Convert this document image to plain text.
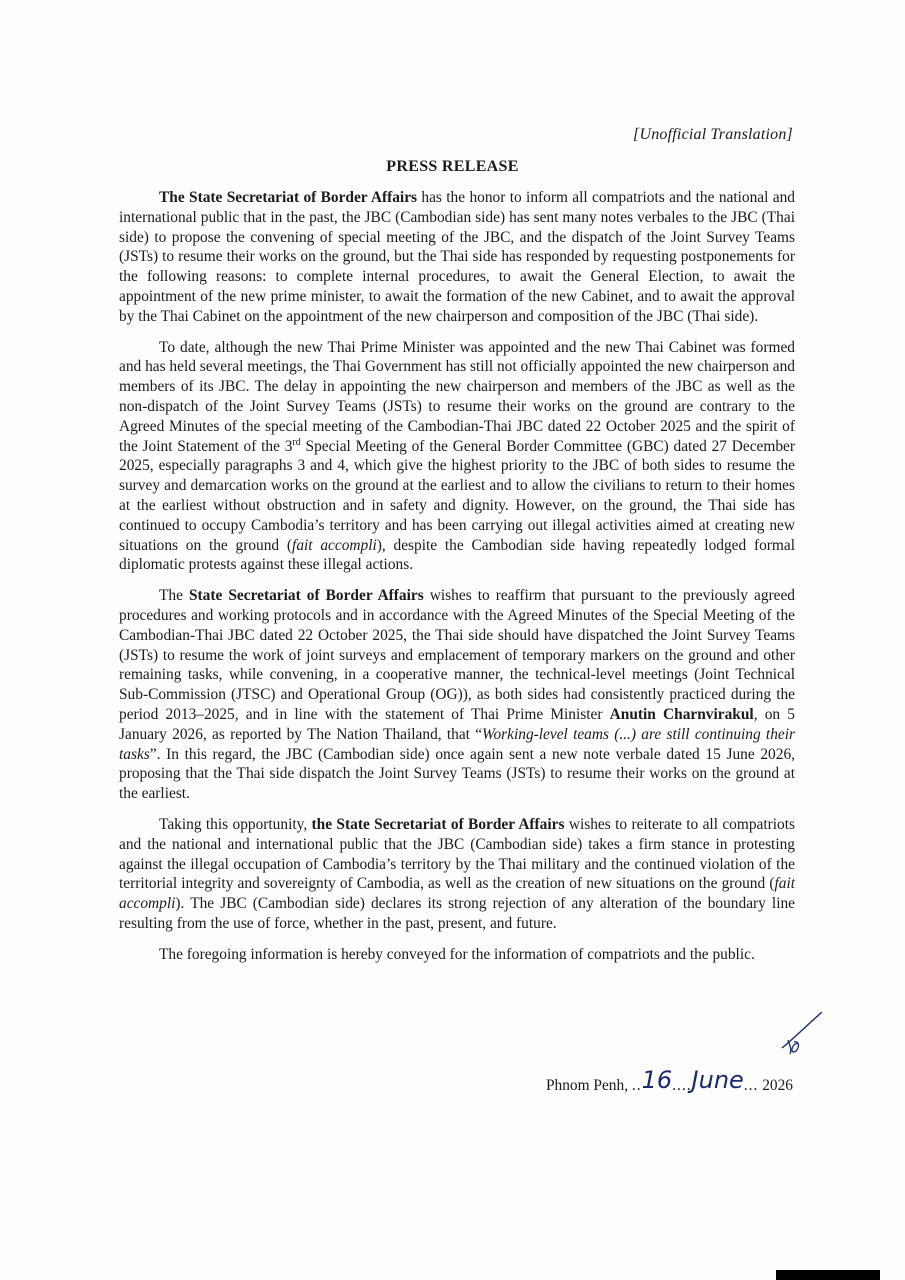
[Unofficial Translation]
PRESS RELEASE

The State Secretariat of Border Affairs has the honor to inform all compatriots and the national and international public that in the past, the JBC (Cambodian side) has sent many notes verbales to the JBC (Thai side) to propose the convening of special meeting of the JBC, and the dispatch of the Joint Survey Teams (JSTs) to resume their works on the ground, but the Thai side has responded by requesting postponements for the following reasons: to complete internal procedures, to await the General Election, to await the appointment of the new prime minister, to await the formation of the new Cabinet, and to await the approval by the Thai Cabinet on the appointment of the new chairperson and composition of the JBC (Thai side).

To date, although the new Thai Prime Minister was appointed and the new Thai Cabinet was formed and has held several meetings, the Thai Government has still not officially appointed the new chairperson and members of its JBC. The delay in appointing the new chairperson and members of the JBC as well as the non-dispatch of the Joint Survey Teams (JSTs) to resume their works on the ground are contrary to the Agreed Minutes of the special meeting of the Cambodian-Thai JBC dated 22 October 2025 and the spirit of the Joint Statement of the 3rd Special Meeting of the General Border Committee (GBC) dated 27 December 2025, especially paragraphs 3 and 4, which give the highest priority to the JBC of both sides to resume the survey and demarcation works on the ground at the earliest and to allow the civilians to return to their homes at the earliest without obstruction and in safety and dignity. However, on the ground, the Thai side has continued to occupy Cambodia’s territory and has been carrying out illegal activities aimed at creating new situations on the ground (fait accompli), despite the Cambodian side having repeatedly lodged formal diplomatic protests against these illegal actions.

The State Secretariat of Border Affairs wishes to reaffirm that pursuant to the previously agreed procedures and working protocols and in accordance with the Agreed Minutes of the Special Meeting of the Cambodian-Thai JBC dated 22 October 2025, the Thai side should have dispatched the Joint Survey Teams (JSTs) to resume the work of joint surveys and emplacement of temporary markers on the ground and other remaining tasks, while convening, in a cooperative manner, the technical-level meetings (Joint Technical Sub-Commission (JTSC) and Operational Group (OG)), as both sides had consistently practiced during the period 2013–2025, and in line with the statement of Thai Prime Minister Anutin Charnvirakul, on 5 January 2026, as reported by The Nation Thailand, that “Working-level teams (...) are still continuing their tasks”. In this regard, the JBC (Cambodian side) once again sent a new note verbale dated 15 June 2026, proposing that the Thai side dispatch the Joint Survey Teams (JSTs) to resume their works on the ground at the earliest.

Taking this opportunity, the State Secretariat of Border Affairs wishes to reiterate to all compatriots and the national and international public that the JBC (Cambodian side) takes a firm stance in protesting against the illegal occupation of Cambodia’s territory by the Thai military and the continued violation of the territorial integrity and sovereignty of Cambodia, as well as the creation of new situations on the ground (fait accompli). The JBC (Cambodian side) declares its strong rejection of any alteration of the boundary line resulting from the use of force, whether in the past, present, and future.

The foregoing information is hereby conveyed for the information of compatriots and the public.

Phnom Penh, ..16....June... 2026
